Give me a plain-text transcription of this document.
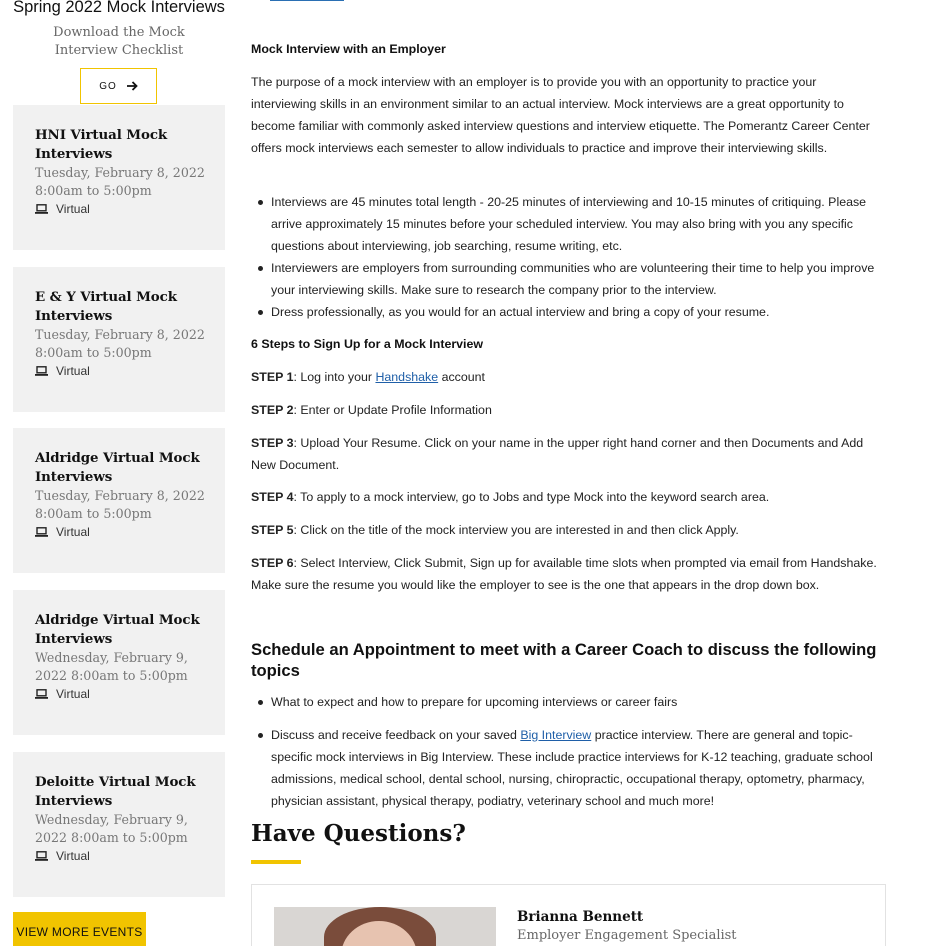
Spring 2022 Mock Interviews
Download the Mock Interview Checklist
GO
HNI Virtual Mock Interviews
Tuesday, February 8, 2022 8:00am to 5:00pm
Virtual
E & Y Virtual Mock Interviews
Tuesday, February 8, 2022 8:00am to 5:00pm
Virtual
Aldridge Virtual Mock Interviews
Tuesday, February 8, 2022 8:00am to 5:00pm
Virtual
Aldridge Virtual Mock Interviews
Wednesday, February 9, 2022 8:00am to 5:00pm
Virtual
Deloitte Virtual Mock Interviews
Wednesday, February 9, 2022 8:00am to 5:00pm
Virtual
VIEW MORE EVENTS
Mock Interview with an Employer
The purpose of a mock interview with an employer is to provide you with an opportunity to practice your interviewing skills in an environment similar to an actual interview. Mock interviews are a great opportunity to become familiar with commonly asked interview questions and interview etiquette. The Pomerantz Career Center offers mock interviews each semester to allow individuals to practice and improve their interviewing skills.
Interviews are 45 minutes total length - 20-25 minutes of interviewing and 10-15 minutes of critiquing. Please arrive approximately 15 minutes before your scheduled interview. You may also bring with you any specific questions about interviewing, job searching, resume writing, etc.
Interviewers are employers from surrounding communities who are volunteering their time to help you improve your interviewing skills. Make sure to research the company prior to the interview.
Dress professionally, as you would for an actual interview and bring a copy of your resume.
6 Steps to Sign Up for a Mock Interview
STEP 1: Log into your Handshake account
STEP 2: Enter or Update Profile Information
STEP 3: Upload Your Resume. Click on your name in the upper right hand corner and then Documents and Add New Document.
STEP 4: To apply to a mock interview, go to Jobs and type Mock into the keyword search area.
STEP 5: Click on the title of the mock interview you are interested in and then click Apply.
STEP 6: Select Interview, Click Submit, Sign up for available time slots when prompted via email from Handshake. Make sure the resume you would like the employer to see is the one that appears in the drop down box.
Schedule an Appointment to meet with a Career Coach to discuss the following topics
What to expect and how to prepare for upcoming interviews or career fairs
Discuss and receive feedback on your saved Big Interview practice interview. There are general and topic-specific mock interviews in Big Interview. These include practice interviews for K-12 teaching, graduate school admissions, medical school, dental school, nursing, chiropractic, occupational therapy, optometry, pharmacy, physician assistant, physical therapy, podiatry, veterinary school and much more!
Have Questions?
Brianna Bennett
Employer Engagement Specialist
